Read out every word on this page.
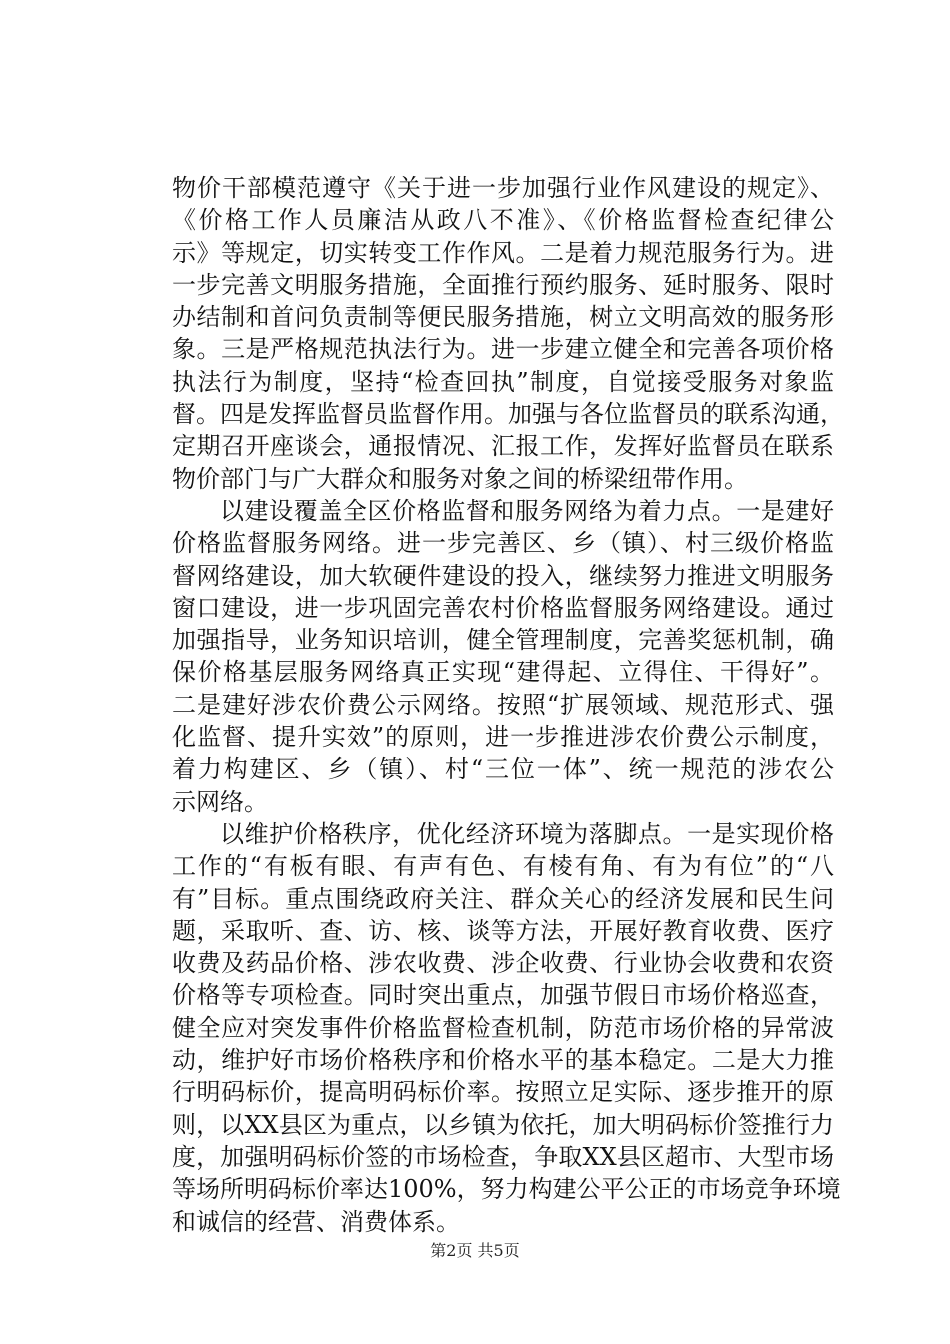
物价干部模范遵守《关于进一步加强行业作风建设的规定》、
《价格工作人员廉洁从政八不准》、《价格监督检查纪律公
示》等规定，切实转变工作作风。二是着力规范服务行为。进
一步完善文明服务措施，全面推行预约服务、延时服务、限时
办结制和首问负责制等便民服务措施，树立文明高效的服务形
象。三是严格规范执法行为。进一步建立健全和完善各项价格
执法行为制度，坚持“检查回执”制度，自觉接受服务对象监
督。四是发挥监督员监督作用。加强与各位监督员的联系沟通，
定期召开座谈会，通报情况、汇报工作，发挥好监督员在联系
物价部门与广大群众和服务对象之间的桥梁纽带作用。
以建设覆盖全区价格监督和服务网络为着力点。一是建好
价格监督服务网络。进一步完善区、乡（镇）、村三级价格监
督网络建设，加大软硬件建设的投入，继续努力推进文明服务
窗口建设，进一步巩固完善农村价格监督服务网络建设。通过
加强指导，业务知识培训，健全管理制度，完善奖惩机制，确
保价格基层服务网络真正实现“建得起、立得住、干得好”。
二是建好涉农价费公示网络。按照“扩展领域、规范形式、强
化监督、提升实效”的原则，进一步推进涉农价费公示制度，
着力构建区、乡（镇）、村“三位一体”、统一规范的涉农公
示网络。
以维护价格秩序，优化经济环境为落脚点。一是实现价格
工作的“有板有眼、有声有色、有棱有角、有为有位”的“八
有”目标。重点围绕政府关注、群众关心的经济发展和民生问
题，采取听、查、访、核、谈等方法，开展好教育收费、医疗
收费及药品价格、涉农收费、涉企收费、行业协会收费和农资
价格等专项检查。同时突出重点，加强节假日市场价格巡查，
健全应对突发事件价格监督检查机制，防范市场价格的异常波
动，维护好市场价格秩序和价格水平的基本稳定。二是大力推
行明码标价，提高明码标价率。按照立足实际、逐步推开的原
则，以XX县区为重点，以乡镇为依托，加大明码标价签推行力
度，加强明码标价签的市场检查，争取XX县区超市、大型市场
等场所明码标价率达100%，努力构建公平公正的市场竞争环境
和诚信的经营、消费体系。
第2页 共5页
